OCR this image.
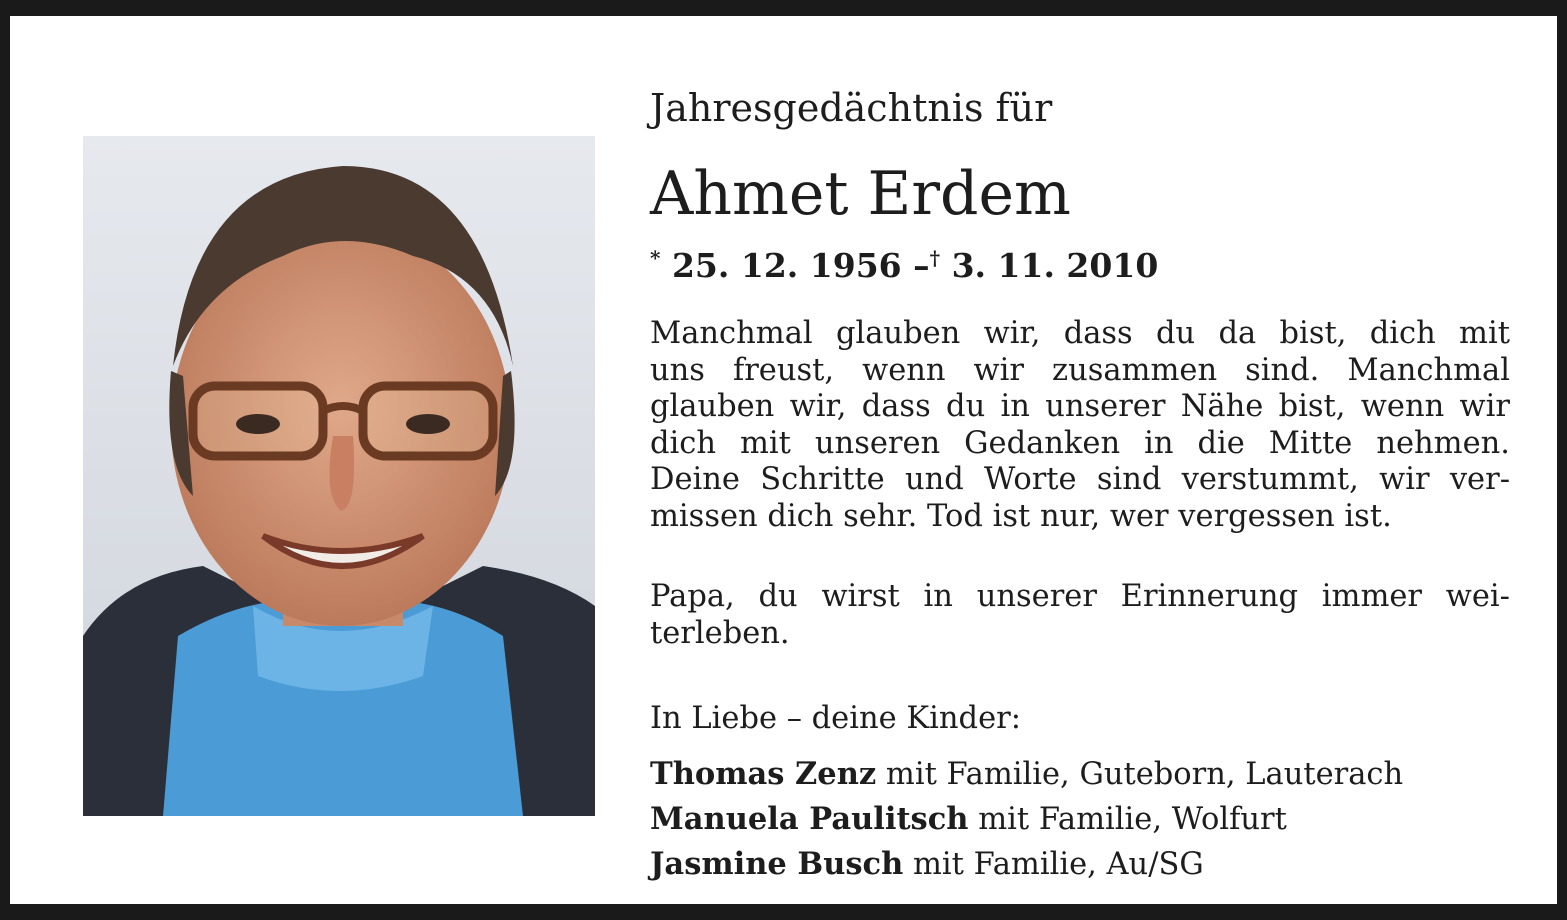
Jahresgedächtnis für
Ahmet Erdem
* 25. 12. 1956 –† 3. 11. 2010
Manchmal glauben wir, dass du da bist, dich mit
uns freust, wenn wir zusammen sind. Manchmal
glauben wir, dass du in unserer Nähe bist, wenn wir
dich mit unseren Gedanken in die Mitte nehmen.
Deine Schritte und Worte sind verstummt, wir ver-
missen dich sehr. Tod ist nur, wer vergessen ist.
Papa, du wirst in unserer Erinnerung immer wei-
terleben.
In Liebe – deine Kinder:
Thomas Zenz mit Familie, Guteborn, Lauterach
Manuela Paulitsch mit Familie, Wolfurt
Jasmine Busch mit Familie, Au/SG
